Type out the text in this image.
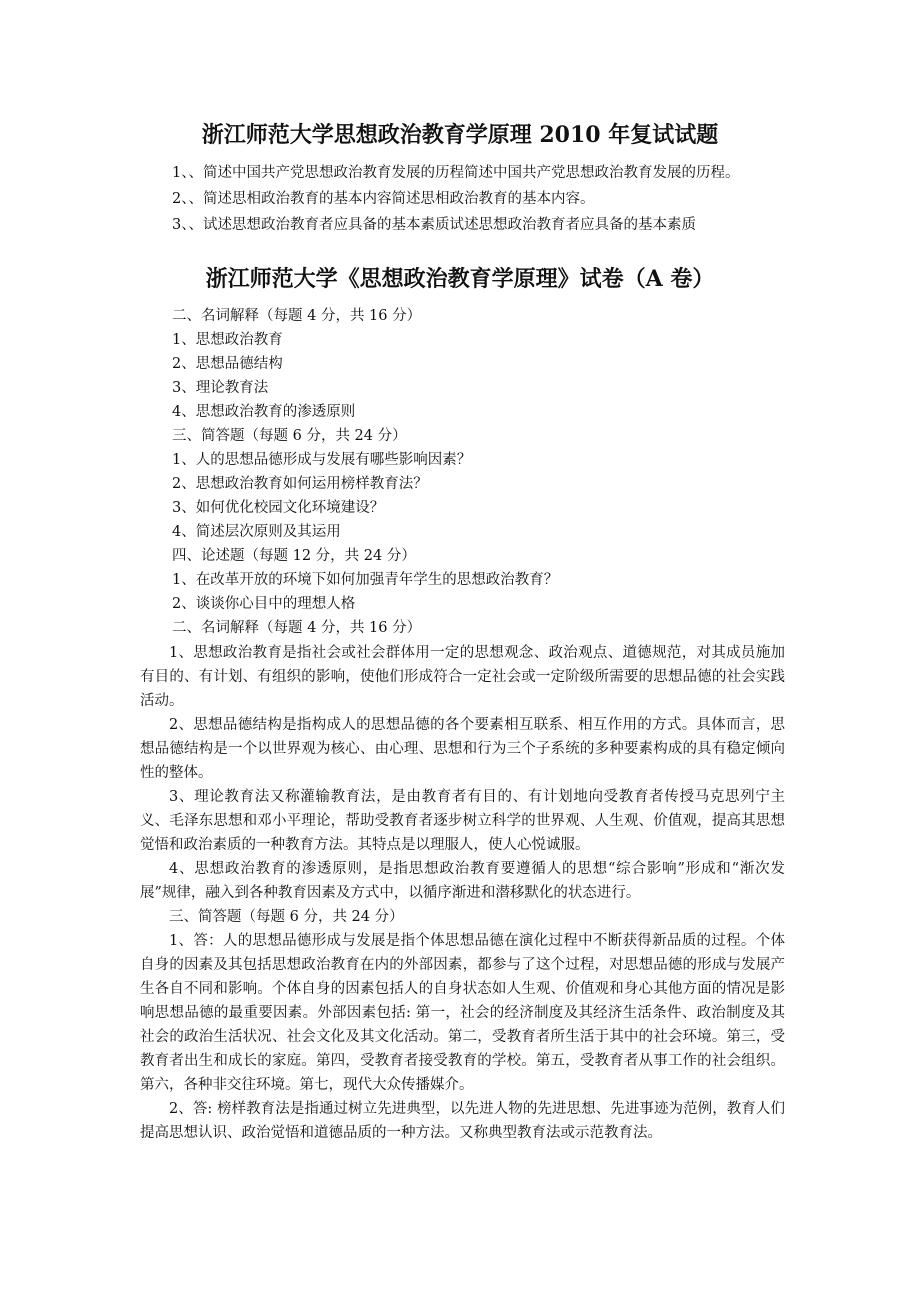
浙江师范大学思想政治教育学原理 2010 年复试试题
1、、简述中国共产党思想政治教育发展的历程简述中国共产党思想政治教育发展的历程。
2、、简述思相政治教育的基本内容简述思相政治教育的基本内容。
3、、试述思想政治教育者应具备的基本素质试述思想政治教育者应具备的基本素质
浙江师范大学《思想政治教育学原理》试卷（A 卷）
二、名词解释（每题 4 分，共 16 分）
1、思想政治教育
2、思想品德结构
3、理论教育法
4、思想政治教育的渗透原则
三、简答题（每题 6 分，共 24 分）
1、人的思想品德形成与发展有哪些影响因素？
2、思想政治教育如何运用榜样教育法？
3、如何优化校园文化环境建设？
4、简述层次原则及其运用
四、论述题（每题 12 分，共 24 分）
1、在改革开放的环境下如何加强青年学生的思想政治教育？
2、谈谈你心目中的理想人格
二、名词解释（每题 4 分，共 16 分）

1、思想政治教育是指社会或社会群体用一定的思想观念、政治观点、道德规范，对其成员施加有目的、有计划、有组织的影响，使他们形成符合一定社会或一定阶级所需要的思想品德的社会实践活动。

2、思想品德结构是指构成人的思想品德的各个要素相互联系、相互作用的方式。具体而言，思想品德结构是一个以世界观为核心、由心理、思想和行为三个子系统的多种要素构成的具有稳定倾向性的整体。

3、理论教育法又称灌输教育法，是由教育者有目的、有计划地向受教育者传授马克思列宁主义、毛泽东思想和邓小平理论，帮助受教育者逐步树立科学的世界观、人生观、价值观，提高其思想觉悟和政治素质的一种教育方法。其特点是以理服人，使人心悦诚服。

4、思想政治教育的渗透原则，是指思想政治教育要遵循人的思想“综合影响”形成和“渐次发展”规律，融入到各种教育因素及方式中，以循序渐进和潜移默化的状态进行。

三、简答题（每题 6 分，共 24 分）

1、答：人的思想品德形成与发展是指个体思想品德在演化过程中不断获得新品质的过程。个体自身的因素及其包括思想政治教育在内的外部因素，都参与了这个过程，对思想品德的形成与发展产生各自不同和影响。个体自身的因素包括人的自身状态如人生观、价值观和身心其他方面的情况是影响思想品德的最重要因素。外部因素包括: 第一，社会的经济制度及其经济生活条件、政治制度及其社会的政治生活状况、社会文化及其文化活动。第二，受教育者所生活于其中的社会环境。第三，受教育者出生和成长的家庭。第四，受教育者接受教育的学校。第五，受教育者从事工作的社会组织。第六，各种非交往环境。第七，现代大众传播媒介。

2、答: 榜样教育法是指通过树立先进典型，以先进人物的先进思想、先进事迹为范例，教育人们提高思想认识、政治觉悟和道德品质的一种方法。又称典型教育法或示范教育法。
